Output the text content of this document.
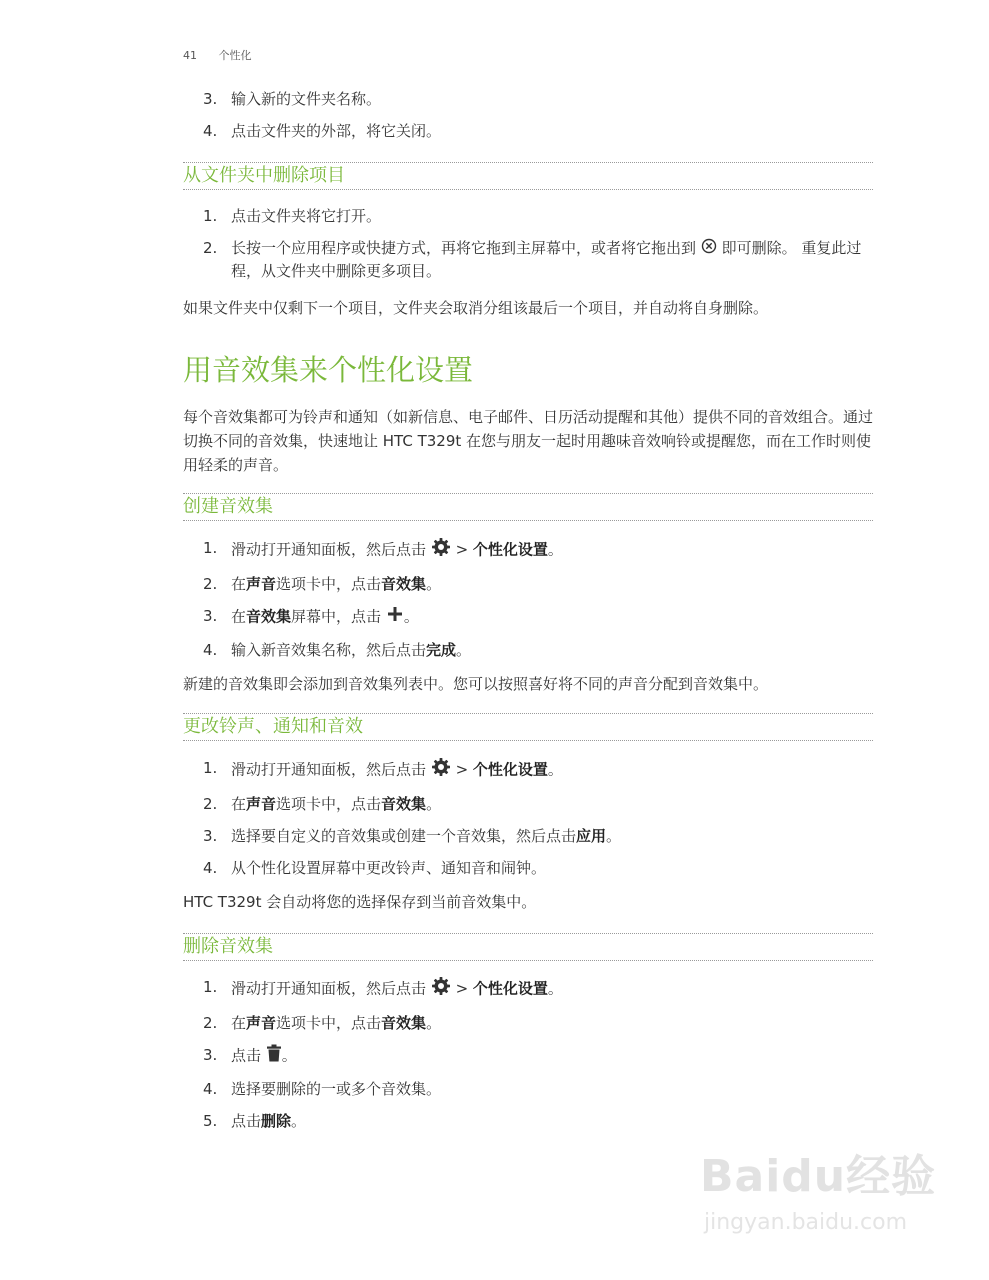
41 个性化
3. 输入新的文件夹名称。
4. 点击文件夹的外部，将它关闭。
从文件夹中删除项目
1. 点击文件夹将它打开。
2. 长按一个应用程序或快捷方式，再将它拖到主屏幕中，或者将它拖出到  即可删除。 重复此过程，从文件夹中删除更多项目。
如果文件夹中仅剩下一个项目，文件夹会取消分组该最后一个项目，并自动将自身删除。
用音效集来个性化设置
每个音效集都可为铃声和通知（如新信息、电子邮件、日历活动提醒和其他）提供不同的音效组合。通过切换不同的音效集，快速地让 HTC T329t 在您与朋友一起时用趣味音效响铃或提醒您，而在工作时则使用轻柔的声音。
创建音效集
1. 滑动打开通知面板，然后点击  > 个性化设置。
2. 在声音选项卡中，点击音效集。
3. 在音效集屏幕中，点击 。
4. 输入新音效集名称，然后点击完成。
新建的音效集即会添加到音效集列表中。您可以按照喜好将不同的声音分配到音效集中。
更改铃声、通知和音效
1. 滑动打开通知面板，然后点击  > 个性化设置。
2. 在声音选项卡中，点击音效集。
3. 选择要自定义的音效集或创建一个音效集，然后点击应用。
4. 从个性化设置屏幕中更改铃声、通知音和闹钟。
HTC T329t 会自动将您的选择保存到当前音效集中。
删除音效集
1. 滑动打开通知面板，然后点击  > 个性化设置。
2. 在声音选项卡中，点击音效集。
3. 点击 。
4. 选择要删除的一或多个音效集。
5. 点击删除。
Baidu经验
jingyan.baidu.com
